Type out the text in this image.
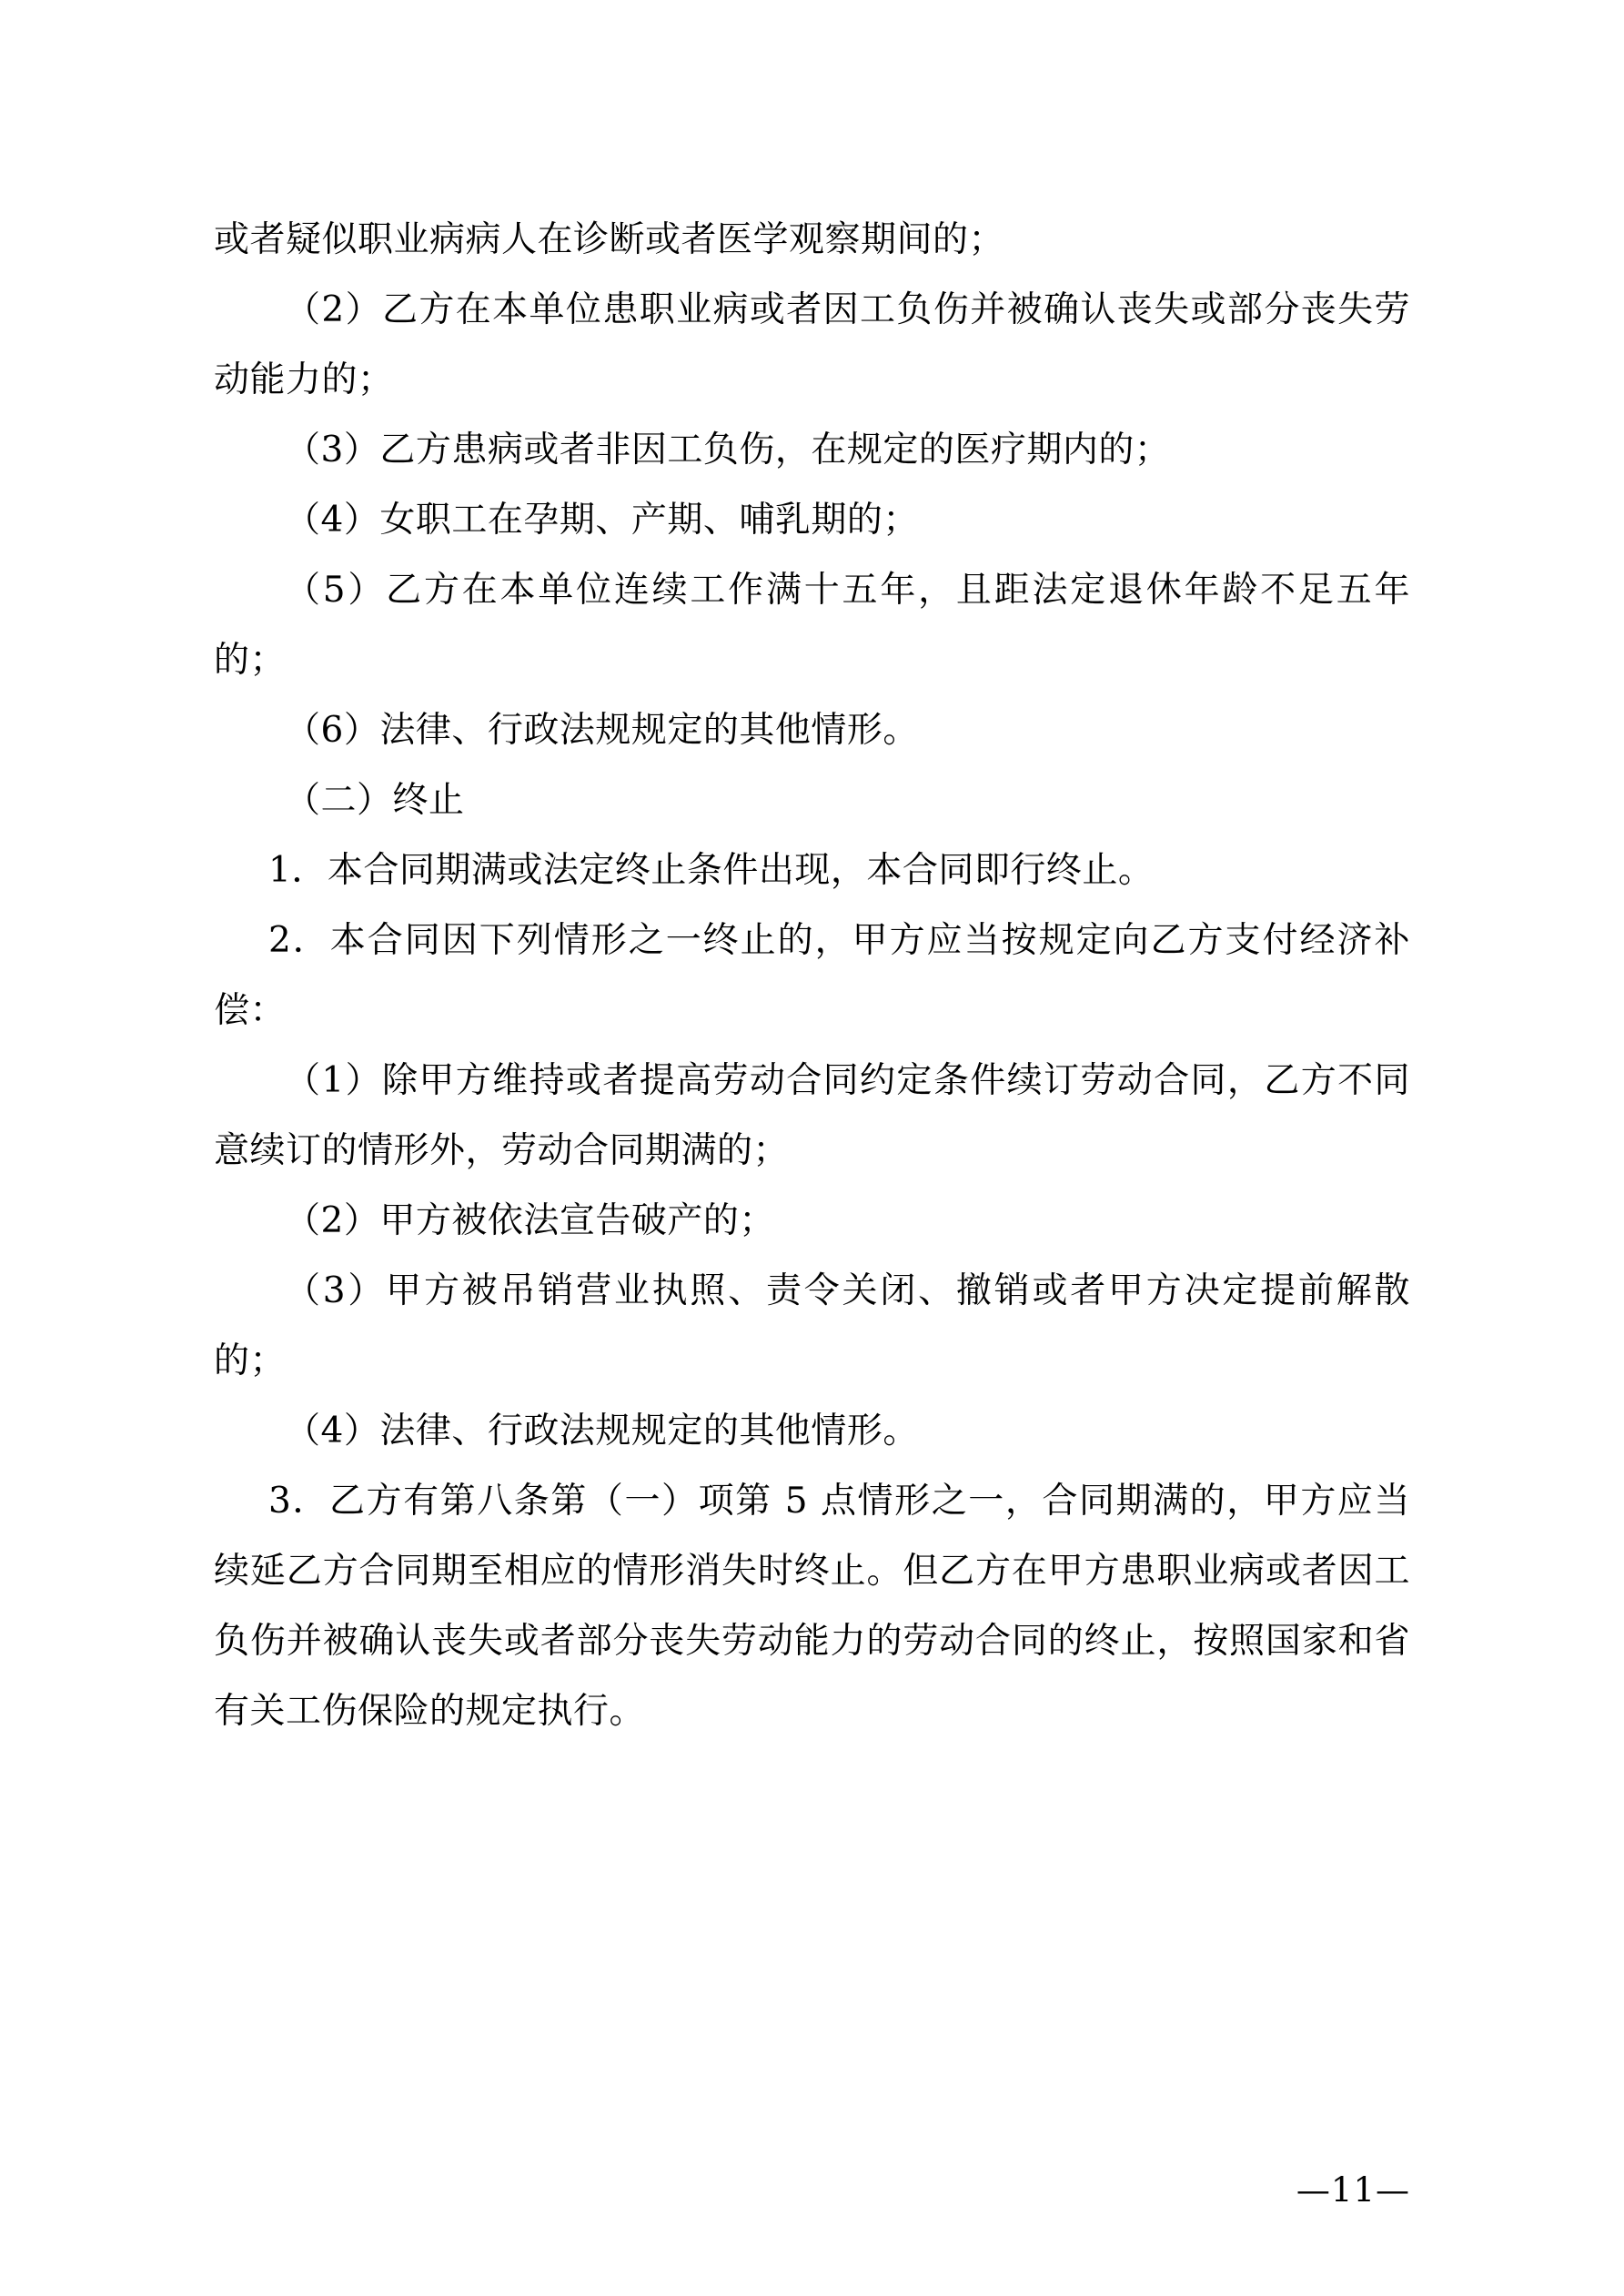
或者疑似职业病病人在诊断或者医学观察期间的；

（2）乙方在本单位患职业病或者因工负伤并被确认丧失或部分丧失劳动能力的；

（3）乙方患病或者非因工负伤，在规定的医疗期内的；

（4）女职工在孕期、产期、哺乳期的；

（5）乙方在本单位连续工作满十五年，且距法定退休年龄不足五年的；

（6）法律、行政法规规定的其他情形。

（二）终止

1．本合同期满或法定终止条件出现，本合同即行终止。

2．本合同因下列情形之一终止的，甲方应当按规定向乙方支付经济补偿：

（1）除甲方维持或者提高劳动合同约定条件续订劳动合同，乙方不同意续订的情形外，劳动合同期满的；

（2）甲方被依法宣告破产的；

（3）甲方被吊销营业执照、责令关闭、撤销或者甲方决定提前解散的；

（4）法律、行政法规规定的其他情形。

3．乙方有第八条第（一）项第 5 点情形之一，合同期满的，甲方应当续延乙方合同期至相应的情形消失时终止。但乙方在甲方患职业病或者因工负伤并被确认丧失或者部分丧失劳动能力的劳动合同的终止，按照国家和省有关工伤保险的规定执行。

—11—
